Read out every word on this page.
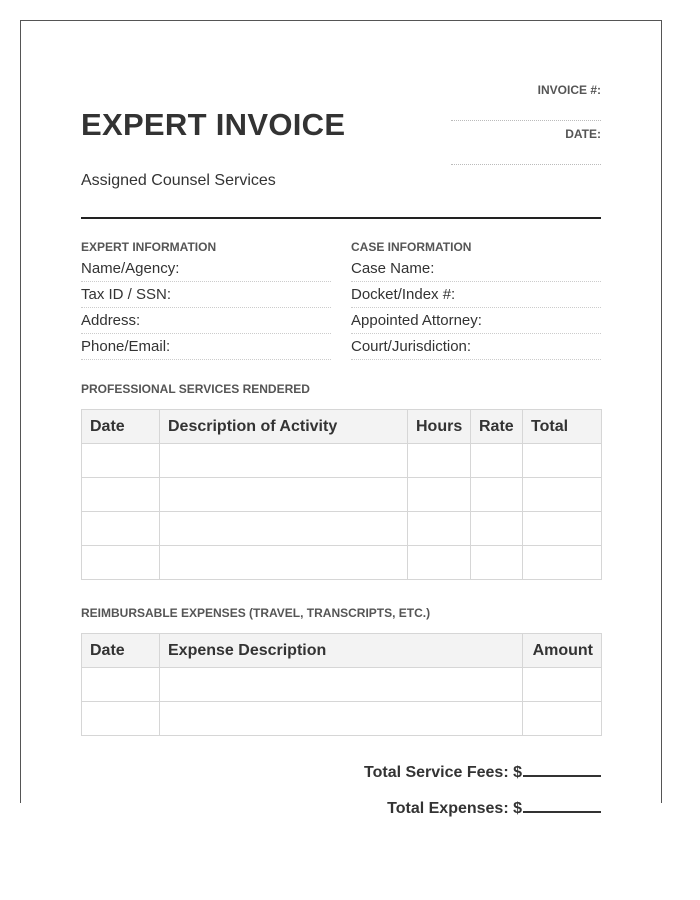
INVOICE #:
DATE:
EXPERT INVOICE
Assigned Counsel Services
EXPERT INFORMATION
Name/Agency:
Tax ID / SSN:
Address:
Phone/Email:
CASE INFORMATION
Case Name:
Docket/Index #:
Appointed Attorney:
Court/Jurisdiction:
PROFESSIONAL SERVICES RENDERED
Date	Description of Activity	Hours	Rate	Total

REIMBURSABLE EXPENSES (TRAVEL, TRANSCRIPTS, ETC.)
Date	Expense Description	Amount

Total Service Fees: $
Total Expenses: $
